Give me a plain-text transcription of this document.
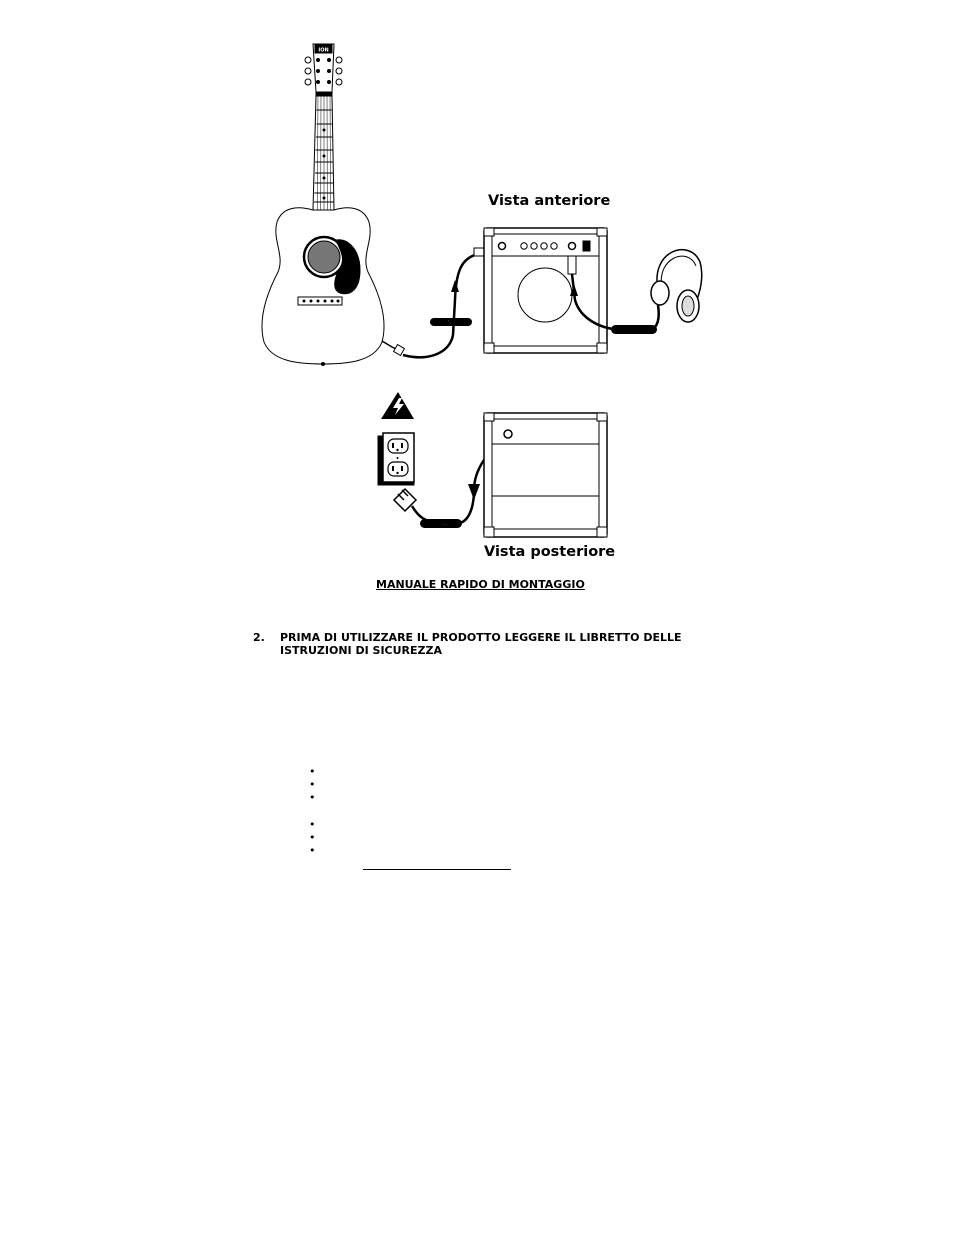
ION
TO INPUT
TO OUTPUT
TO POWER
Vista anteriore
Vista posteriore
MANUALE RAPIDO DI MONTAGGIO
2. PRIMA DI UTILIZZARE IL PRODOTTO LEGGERE IL LIBRETTO DELLE ISTRUZIONI DI SICUREZZA
•
•
•
•
•
•
